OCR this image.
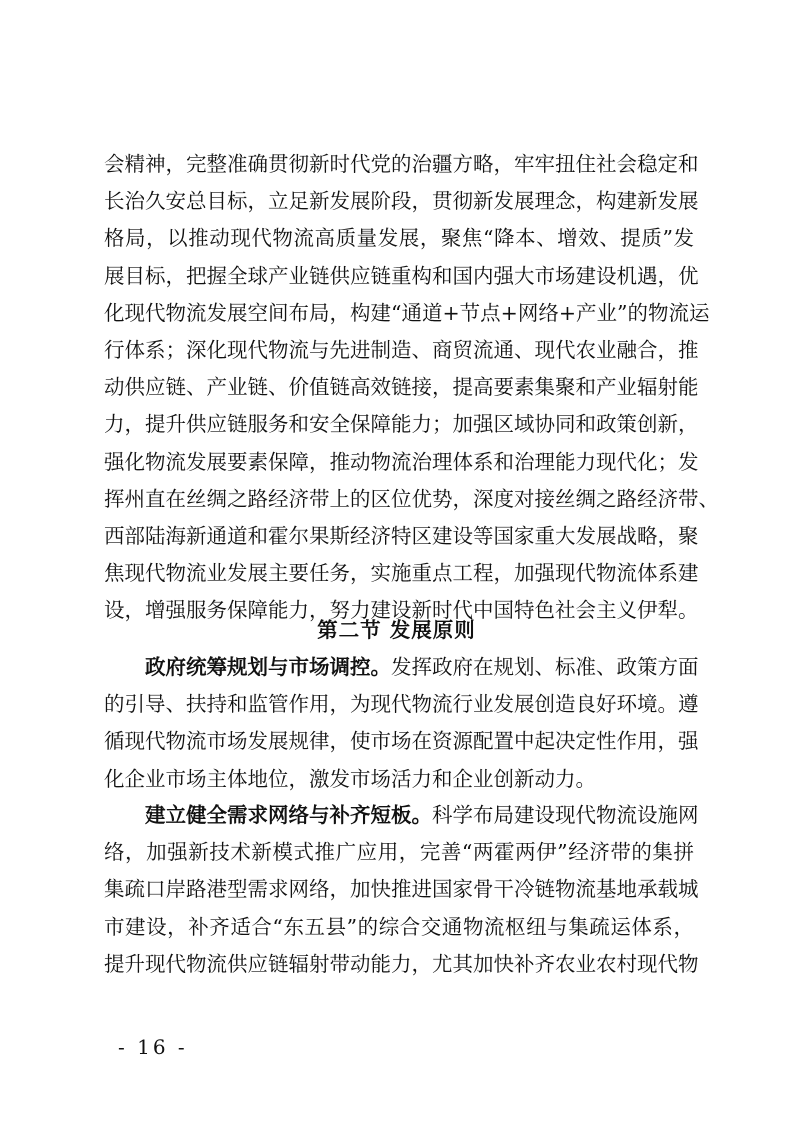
会精神，完整准确贯彻新时代党的治疆方略，牢牢扭住社会稳定和
长治久安总目标，立足新发展阶段，贯彻新发展理念，构建新发展
格局，以推动现代物流高质量发展，聚焦“降本、增效、提质”发
展目标，把握全球产业链供应链重构和国内强大市场建设机遇，优
化现代物流发展空间布局，构建“通道+节点+网络+产业”的物流运
行体系；深化现代物流与先进制造、商贸流通、现代农业融合，推
动供应链、产业链、价值链高效链接，提高要素集聚和产业辐射能
力，提升供应链服务和安全保障能力；加强区域协同和政策创新，
强化物流发展要素保障，推动物流治理体系和治理能力现代化；发
挥州直在丝绸之路经济带上的区位优势，深度对接丝绸之路经济带、
西部陆海新通道和霍尔果斯经济特区建设等国家重大发展战略，聚
焦现代物流业发展主要任务，实施重点工程，加强现代物流体系建
设，增强服务保障能力，努力建设新时代中国特色社会主义伊犁。
第二节 发展原则
政府统筹规划与市场调控。发挥政府在规划、标准、政策方面
的引导、扶持和监管作用，为现代物流行业发展创造良好环境。遵
循现代物流市场发展规律，使市场在资源配置中起决定性作用，强
化企业市场主体地位，激发市场活力和企业创新动力。
建立健全需求网络与补齐短板。科学布局建设现代物流设施网
络，加强新技术新模式推广应用，完善“两霍两伊”经济带的集拼
集疏口岸路港型需求网络，加快推进国家骨干冷链物流基地承载城
市建设，补齐适合“东五县”的综合交通物流枢纽与集疏运体系，
提升现代物流供应链辐射带动能力，尤其加快补齐农业农村现代物
- 16 -
